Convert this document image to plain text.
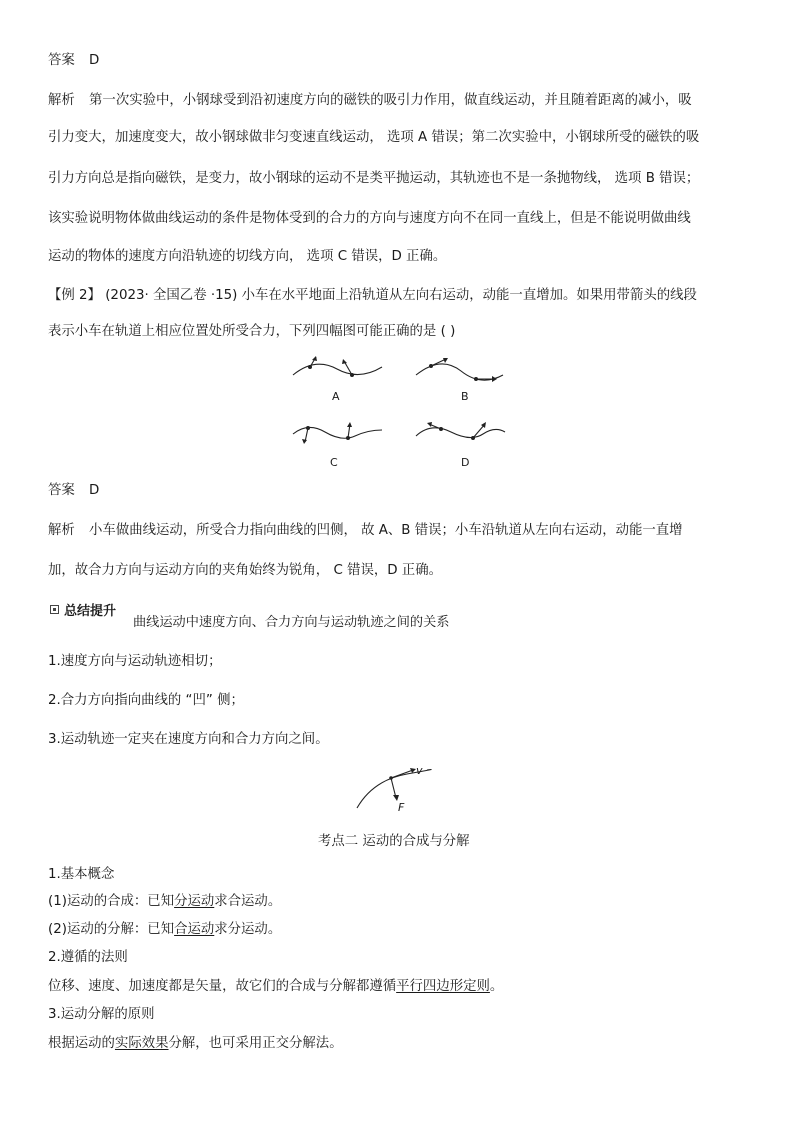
答案 D
解析 第一次实验中，小钢球受到沿初速度方向的磁铁的吸引力作用，做直线运动，并且随着距离的减小，吸
引力变大，加速度变大，故小钢球做非匀变速直线运动， 选项 A 错误；第二次实验中，小钢球所受的磁铁的吸
引力方向总是指向磁铁，是变力，故小钢球的运动不是类平抛运动，其轨迹也不是一条抛物线， 选项 B 错误；
该实验说明物体做曲线运动的条件是物体受到的合力的方向与速度方向不在同一直线上，但是不能说明做曲线
运动的物体的速度方向沿轨迹的切线方向， 选项 C 错误，D 正确。
【例 2】 (2023· 全国乙卷 ·15) 小车在水平地面上沿轨道从左向右运动，动能一直增加。如果用带箭头的线段
表示小车在轨道上相应位置处所受合力，下列四幅图可能正确的是 ( )
A	B
C	D
答案 D
解析 小车做曲线运动，所受合力指向曲线的凹侧， 故 A、B 错误；小车沿轨道从左向右运动，动能一直增
加，故合力方向与运动方向的夹角始终为锐角， C 错误，D 正确。
总结提升
曲线运动中速度方向、合力方向与运动轨迹之间的关系
1.速度方向与运动轨迹相切；
2.合力方向指向曲线的 “凹” 侧；
3.运动轨迹一定夹在速度方向和合力方向之间。
v
F
考点二 运动的合成与分解
1.基本概念
(1)运动的合成：已知分运动求合运动。
(2)运动的分解：已知合运动求分运动。
2.遵循的法则
位移、速度、加速度都是矢量，故它们的合成与分解都遵循平行四边形定则。
3.运动分解的原则
根据运动的实际效果分解，也可采用正交分解法。
